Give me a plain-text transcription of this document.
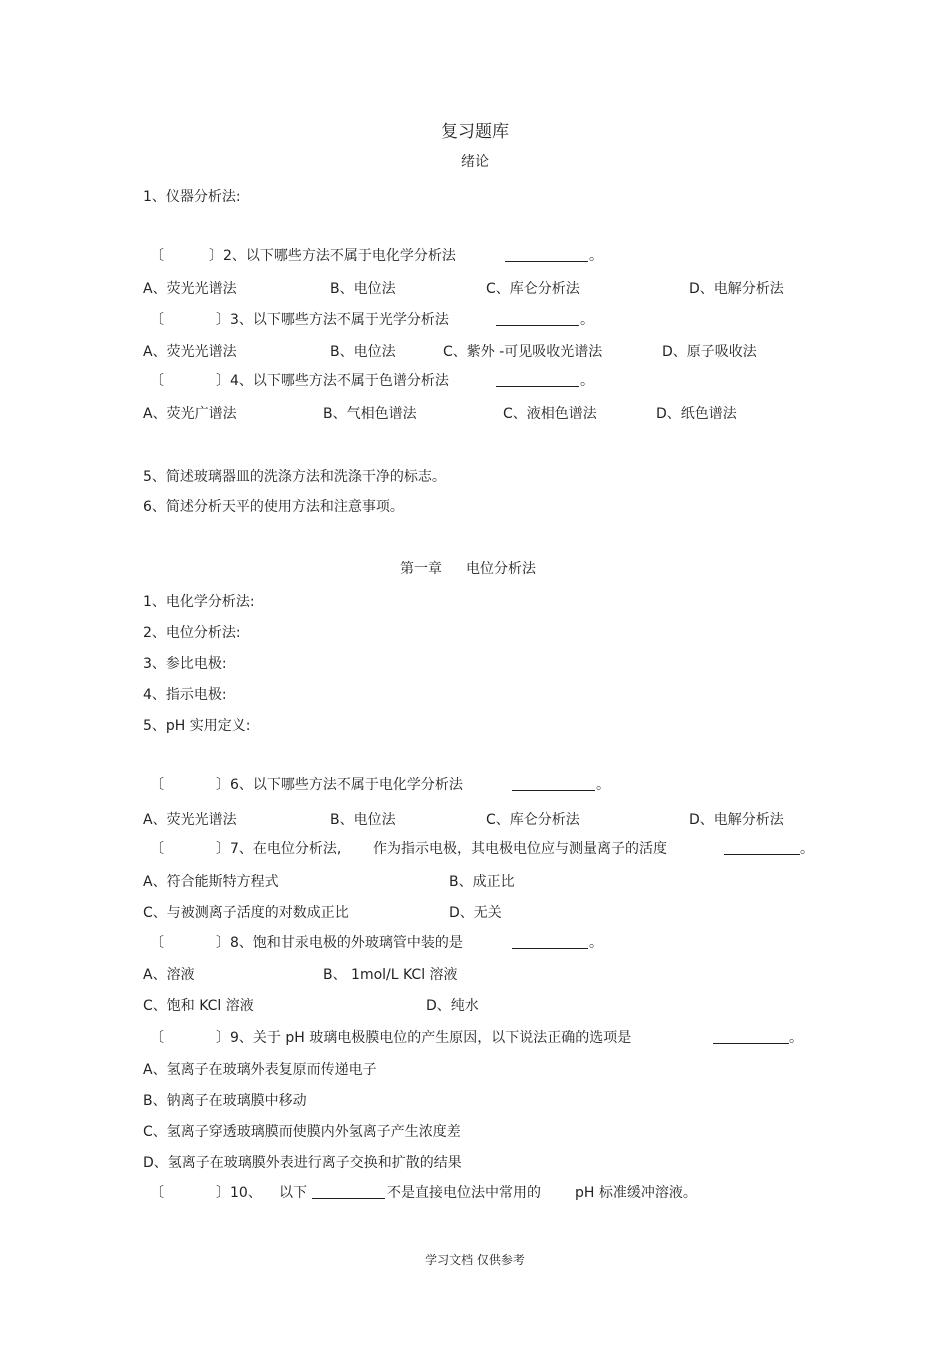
复习题库
绪论
1、仪器分析法:
〔	〕2、以下哪些方法不属于电化学分析法	。
A、荧光光谱法	B、电位法	C、库仑分析法	D、电解分析法
〔	〕3、以下哪些方法不属于光学分析法	。
A、荧光光谱法	B、电位法	C、紫外 -可见吸收光谱法	D、原子吸收法
〔	〕4、以下哪些方法不属于色谱分析法	。
A、荧光广谱法	B、气相色谱法	C、液相色谱法	D、纸色谱法
5、简述玻璃器皿的洗涤方法和洗涤干净的标志。
6、简述分析天平的使用方法和注意事项。
第一章 电位分析法
1、电化学分析法:
2、电位分析法:
3、参比电极:
4、指示电极:
5、pH 实用定义:
〔	〕6、以下哪些方法不属于电化学分析法	。
A、荧光光谱法	B、电位法	C、库仑分析法	D、电解分析法
〔	〕7、在电位分析法, 作为指示电极，其电极电位应与测量离子的活度	。
A、符合能斯特方程式	B、成正比
C、与被测离子活度的对数成正比	D、无关
〔	〕8、饱和甘汞电极的外玻璃管中装的是	。
A、溶液	B、 1mol/L KCl 溶液
C、饱和 KCl 溶液	D、纯水
〔	〕9、关于 pH 玻璃电极膜电位的产生原因，以下说法正确的选项是	。
A、氢离子在玻璃外表复原而传递电子
B、钠离子在玻璃膜中移动
C、氢离子穿透玻璃膜而使膜内外氢离子产生浓度差
D、氢离子在玻璃膜外表进行离子交换和扩散的结果
〔	〕10、 以下	不是直接电位法中常用的 pH 标准缓冲溶液。
学习文档 仅供参考
